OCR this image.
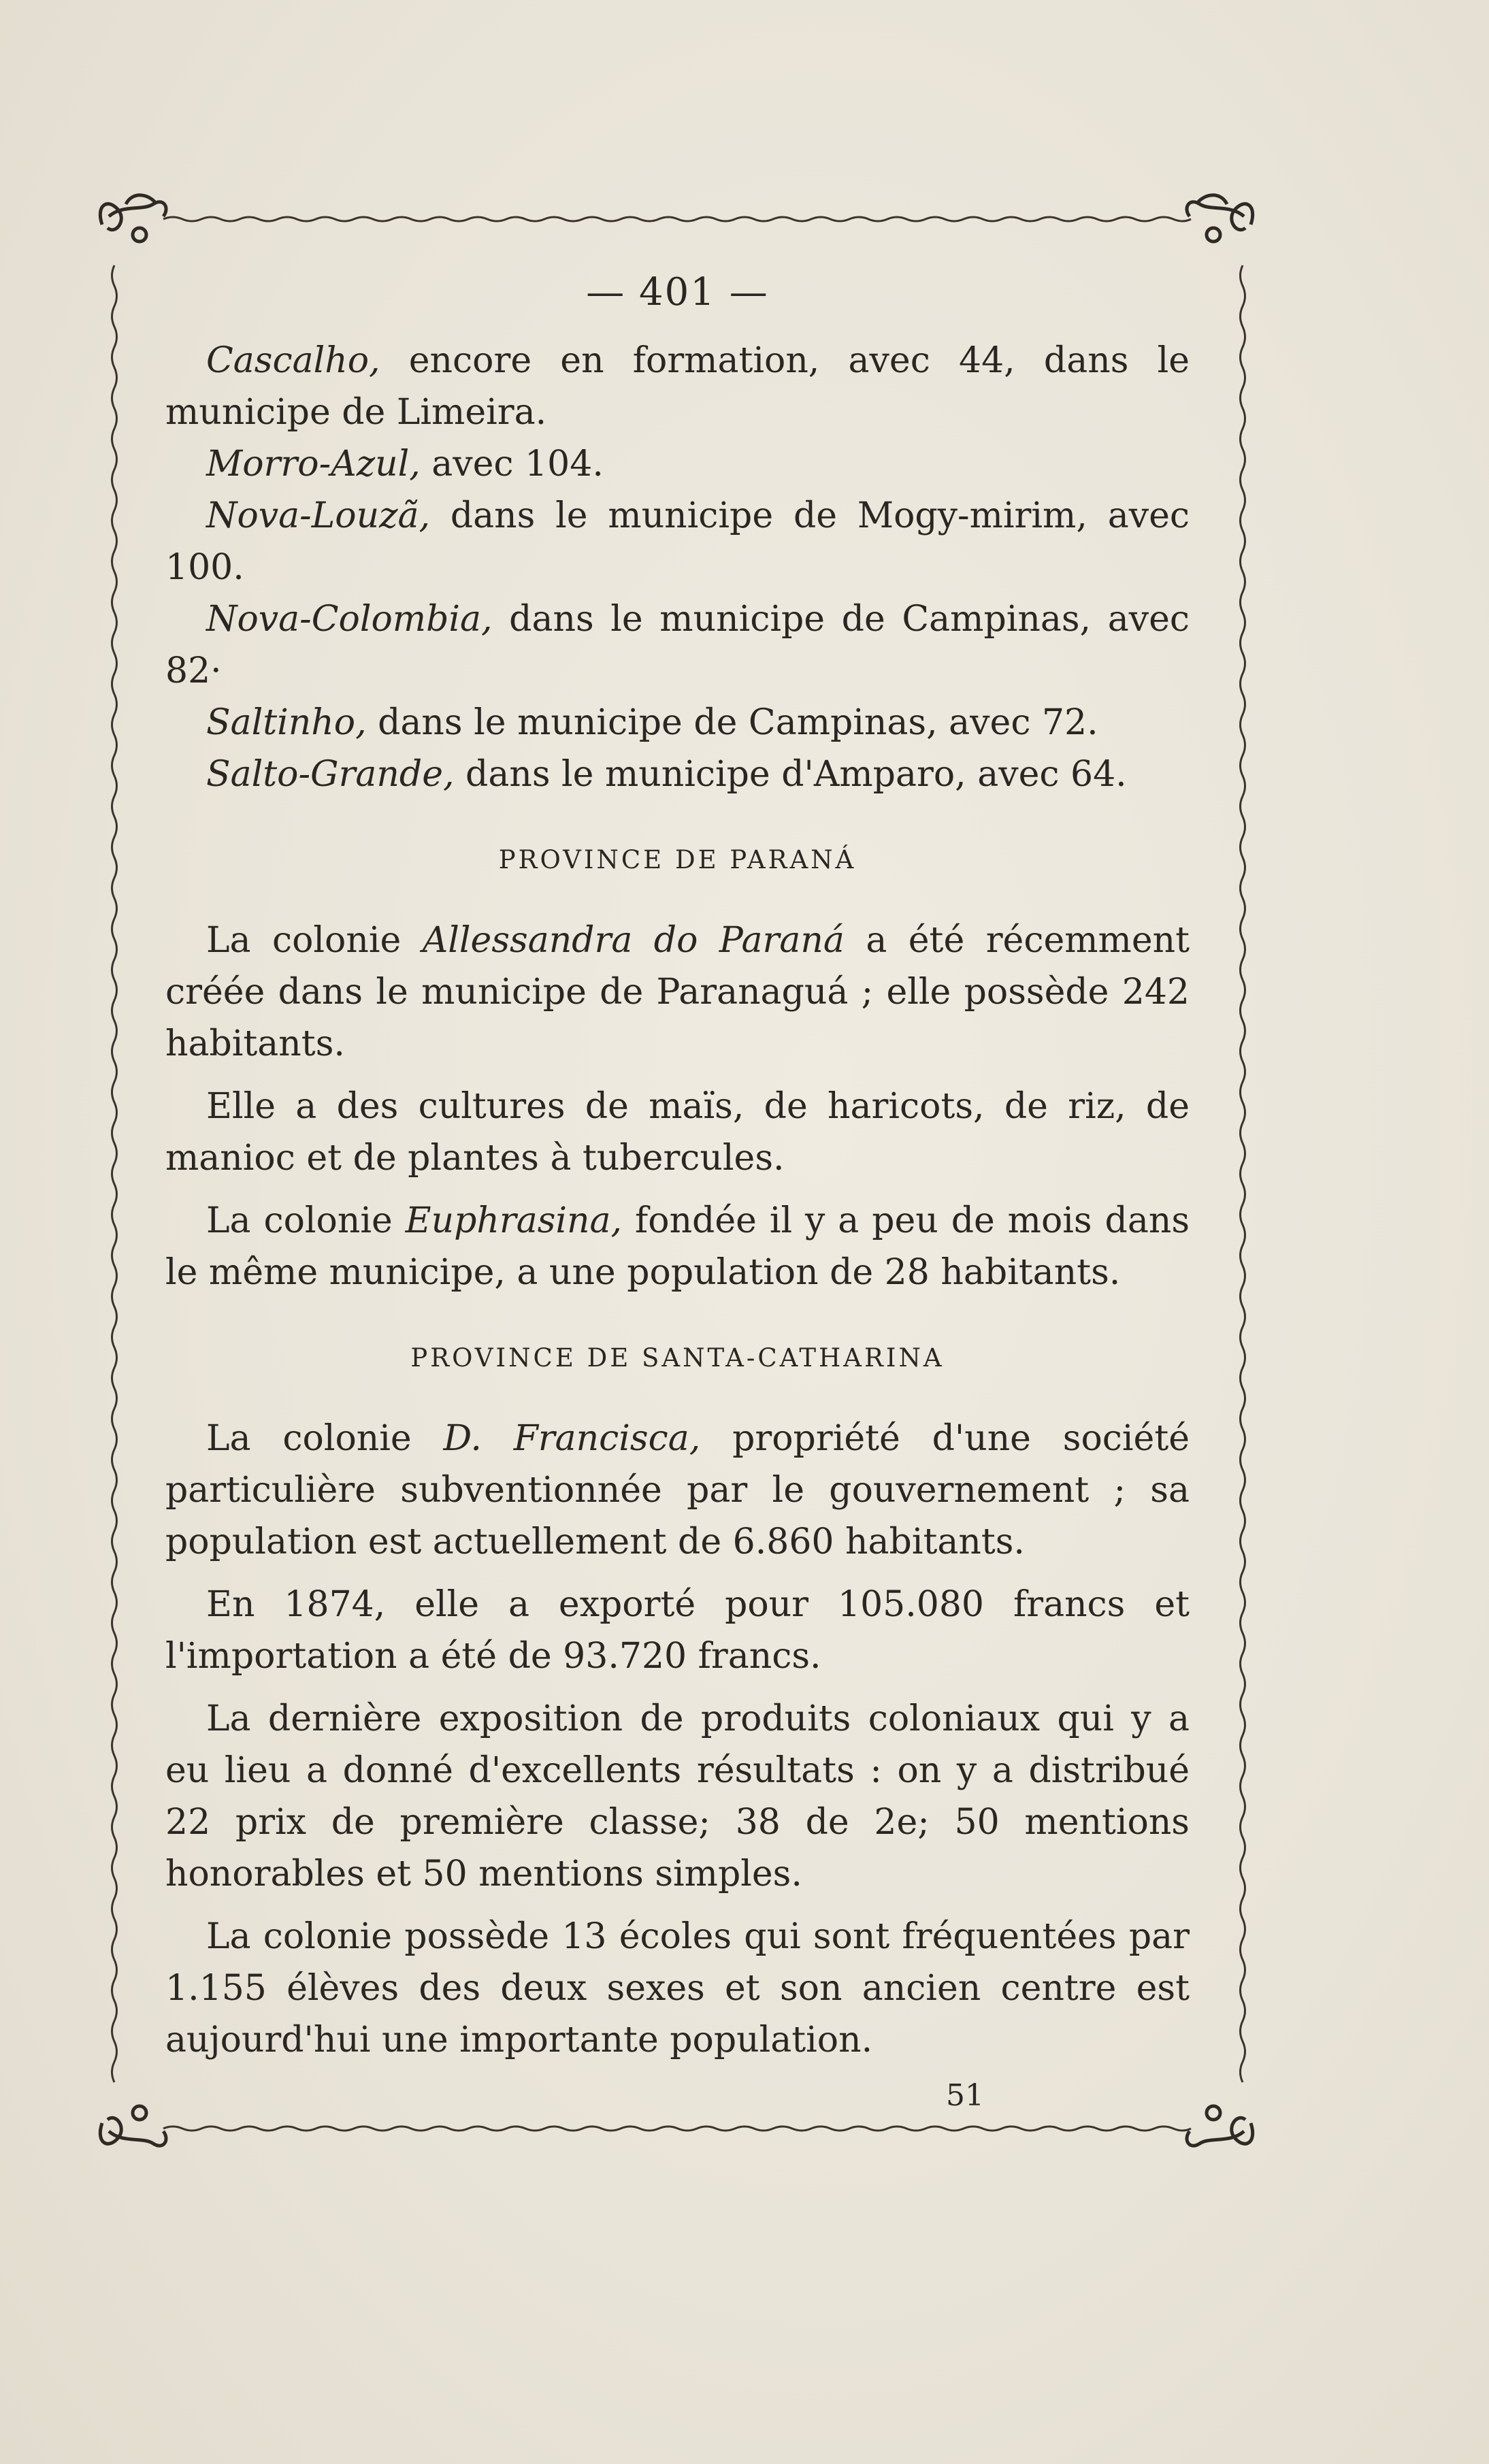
— 401 —

Cascalho, encore en formation, avec 44, dans le municipe de Limeira.

Morro-Azul, avec 104.

Nova-Louzã, dans le municipe de Mogy-mirim, avec 100.

Nova-Colombia, dans le municipe de Campinas, avec 82·

Saltinho, dans le municipe de Campinas, avec 72.

Salto-Grande, dans le municipe d'Amparo, avec 64.

PROVINCE DE PARANÁ

La colonie Allessandra do Paraná a été récemment créée dans le municipe de Paranaguá ; elle possède 242 habitants.

Elle a des cultures de maïs, de haricots, de riz, de manioc et de plantes à tubercules.

La colonie Euphrasina, fondée il y a peu de mois dans le même municipe, a une population de 28 habitants.

PROVINCE DE SANTA-CATHARINA

La colonie D. Francisca, propriété d'une société particulière subventionnée par le gouvernement ; sa population est actuellement de 6.860 habitants.

En 1874, elle a exporté pour 105.080 francs et l'importation a été de 93.720 francs.

La dernière exposition de produits coloniaux qui y a eu lieu a donné d'excellents résultats : on y a distribué 22 prix de première classe; 38 de 2e; 50 mentions honorables et 50 mentions simples.

La colonie possède 13 écoles qui sont fréquentées par 1.155 élèves des deux sexes et son ancien centre est aujourd'hui une importante population.

51
